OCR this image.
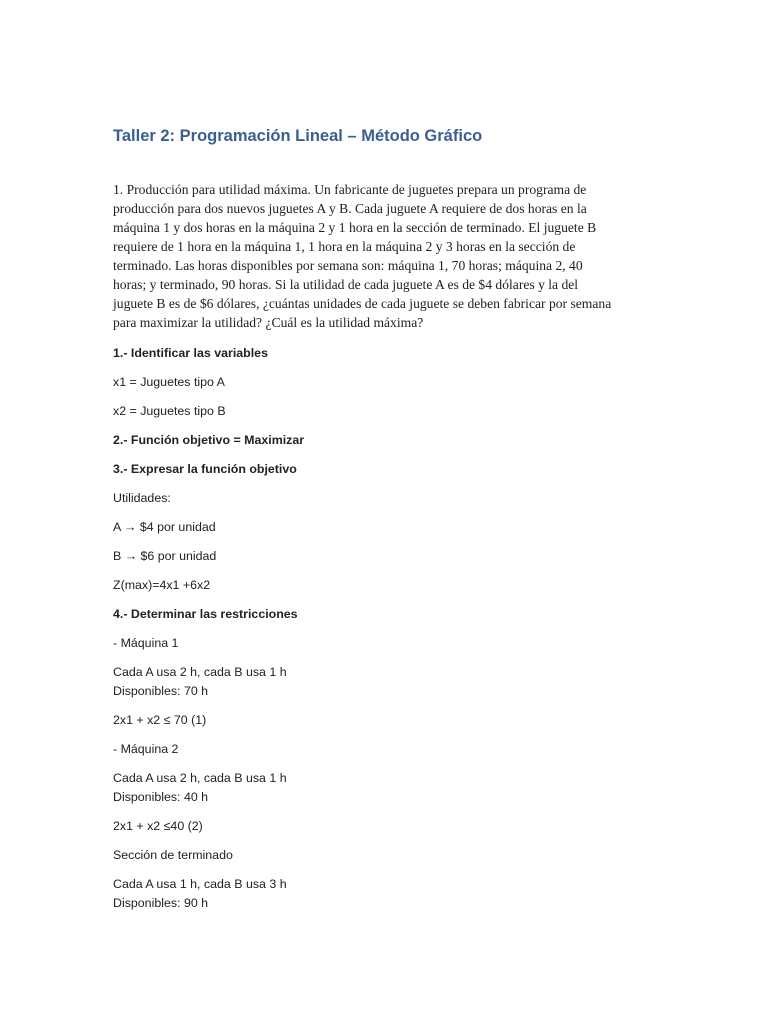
Taller 2: Programación Lineal – Método Gráfico

1. Producción para utilidad máxima. Un fabricante de juguetes prepara un programa de
producción para dos nuevos juguetes A y B. Cada juguete A requiere de dos horas en la
máquina 1 y dos horas en la máquina 2 y 1 hora en la sección de terminado. El juguete B
requiere de 1 hora en la máquina 1, 1 hora en la máquina 2 y 3 horas en la sección de
terminado. Las horas disponibles por semana son: máquina 1, 70 horas; máquina 2, 40
horas; y terminado, 90 horas. Si la utilidad de cada juguete A es de $4 dólares y la del
juguete B es de $6 dólares, ¿cuántas unidades de cada juguete se deben fabricar por semana
para maximizar la utilidad? ¿Cuál es la utilidad máxima?

1.- Identificar las variables

x1 = Juguetes tipo A

x2 = Juguetes tipo B

2.- Función objetivo = Maximizar

3.- Expresar la función objetivo

Utilidades:

A → $4 por unidad

B → $6 por unidad

Z(max)=4x1 +6x2

4.- Determinar las restricciones

- Máquina 1

Cada A usa 2 h, cada B usa 1 h
Disponibles: 70 h

2x1 + x2 ≤ 70 (1)

- Máquina 2

Cada A usa 2 h, cada B usa 1 h
Disponibles: 40 h

2x1 + x2 ≤40 (2)

Sección de terminado

Cada A usa 1 h, cada B usa 3 h
Disponibles: 90 h
